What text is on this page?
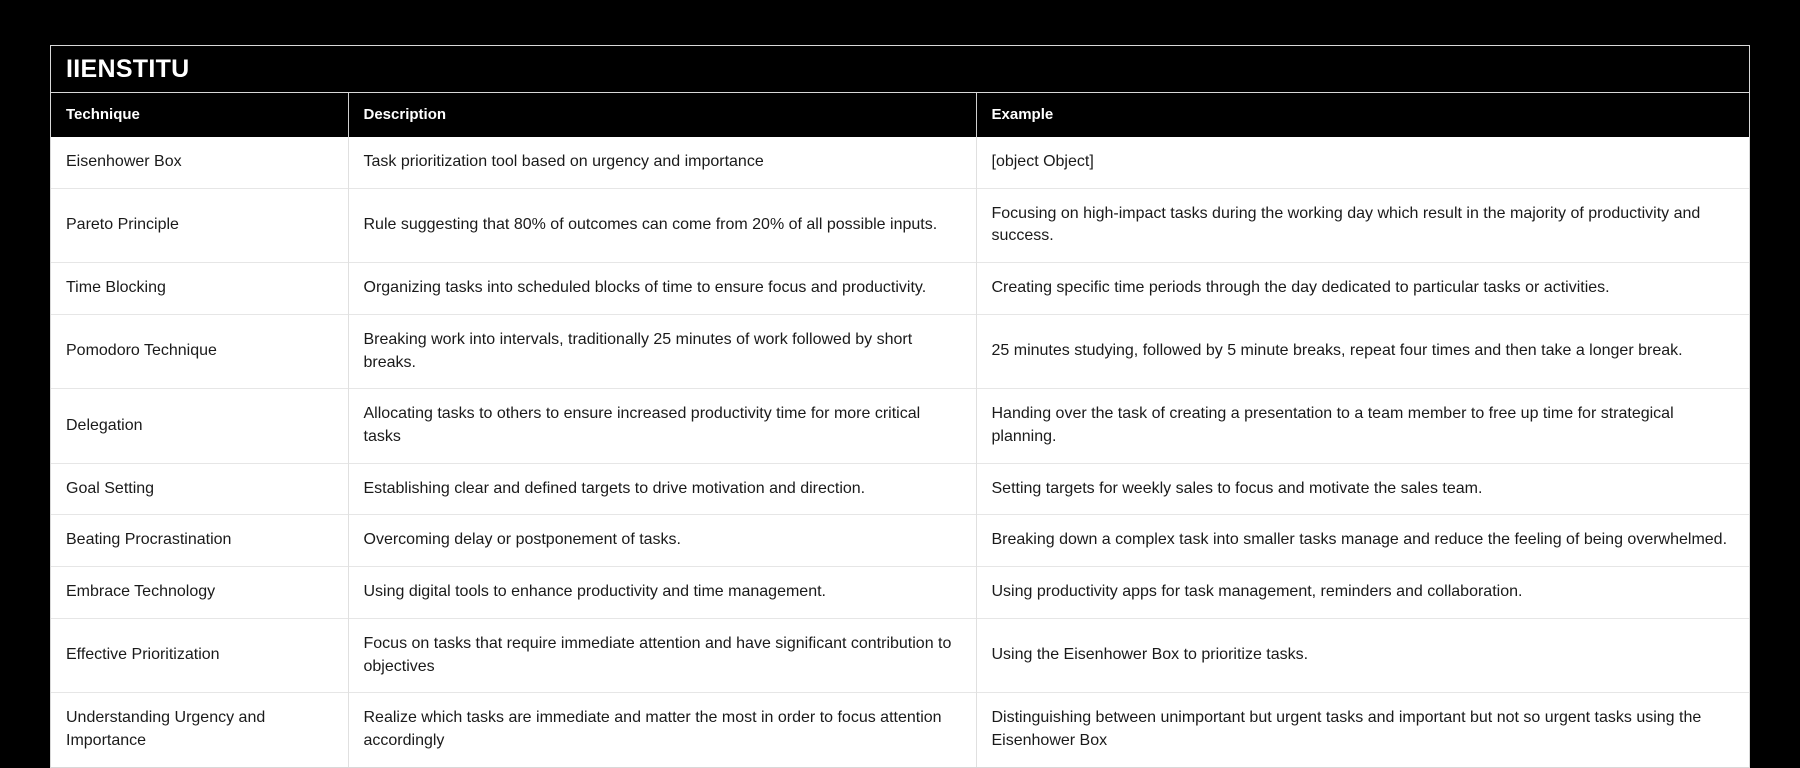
IIENSTITU
Technique	Description	Example
Eisenhower Box	Task prioritization tool based on urgency and importance	[object Object]
Pareto Principle	Rule suggesting that 80% of outcomes can come from 20% of all possible inputs.	Focusing on high-impact tasks during the working day which result in the majority of productivity and success.
Time Blocking	Organizing tasks into scheduled blocks of time to ensure focus and productivity.	Creating specific time periods through the day dedicated to particular tasks or activities.
Pomodoro Technique	Breaking work into intervals, traditionally 25 minutes of work followed by short breaks.	25 minutes studying, followed by 5 minute breaks, repeat four times and then take a longer break.
Delegation	Allocating tasks to others to ensure increased productivity time for more critical tasks	Handing over the task of creating a presentation to a team member to free up time for strategical planning.
Goal Setting	Establishing clear and defined targets to drive motivation and direction.	Setting targets for weekly sales to focus and motivate the sales team.
Beating Procrastination	Overcoming delay or postponement of tasks.	Breaking down a complex task into smaller tasks manage and reduce the feeling of being overwhelmed.
Embrace Technology	Using digital tools to enhance productivity and time management.	Using productivity apps for task management, reminders and collaboration.
Effective Prioritization	Focus on tasks that require immediate attention and have significant contribution to objectives	Using the Eisenhower Box to prioritize tasks.
Understanding Urgency and Importance	Realize which tasks are immediate and matter the most in order to focus attention accordingly	Distinguishing between unimportant but urgent tasks and important but not so urgent tasks using the Eisenhower Box
